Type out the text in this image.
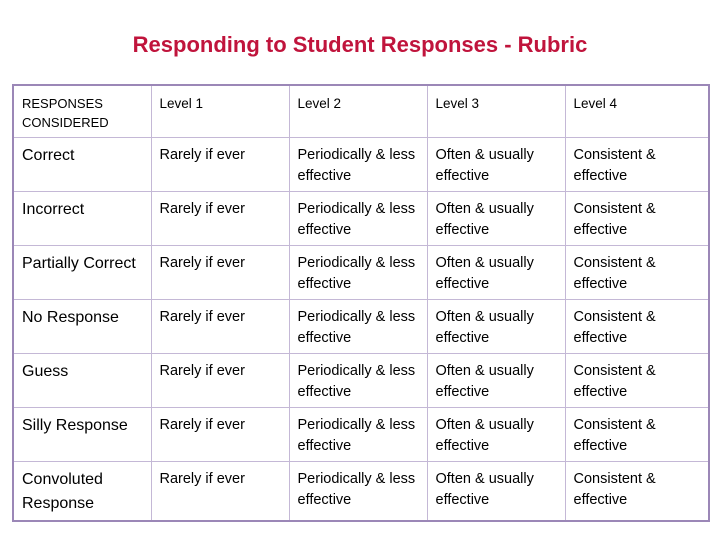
Responding to Student Responses - Rubric
RESPONSES CONSIDERED	Level 1	Level 2	Level 3	Level 4
Correct	Rarely if ever	Periodically & less effective	Often & usually effective	Consistent & effective
Incorrect	Rarely if ever	Periodically & less effective	Often & usually effective	Consistent & effective
Partially Correct	Rarely if ever	Periodically & less effective	Often & usually effective	Consistent & effective
No Response	Rarely if ever	Periodically & less effective	Often & usually effective	Consistent & effective
Guess	Rarely if ever	Periodically & less effective	Often & usually effective	Consistent & effective
Silly Response	Rarely if ever	Periodically & less effective	Often & usually effective	Consistent & effective
Convoluted Response	Rarely if ever	Periodically & less effective	Often & usually effective	Consistent & effective
